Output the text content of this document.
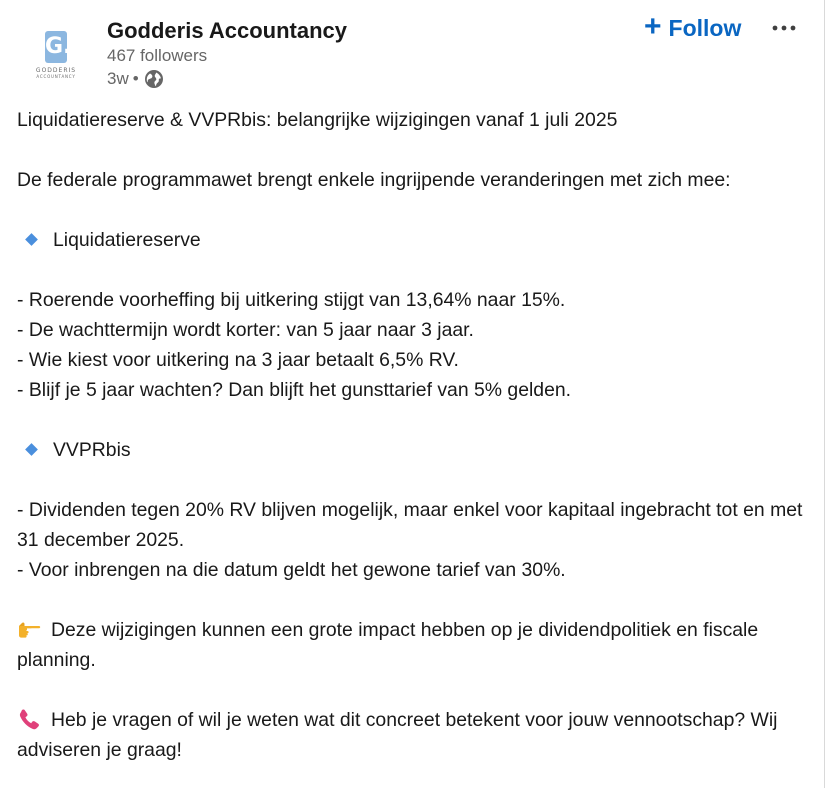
G.
GODDERIS
ACCOUNTANCY
Godderis Accountancy
467 followers
3w •
+ Follow
Liquidatiereserve & VVPRbis: belangrijke wijzigingen vanaf 1 juli 2025
De federale programmawet brengt enkele ingrijpende veranderingen met zich mee:
Liquidatiereserve
- Roerende voorheffing bij uitkering stijgt van 13,64% naar 15%.
- De wachttermijn wordt korter: van 5 jaar naar 3 jaar.
- Wie kiest voor uitkering na 3 jaar betaalt 6,5% RV.
- Blijf je 5 jaar wachten? Dan blijft het gunsttarief van 5% gelden.
VVPRbis
- Dividenden tegen 20% RV blijven mogelijk, maar enkel voor kapitaal ingebracht tot en met 31 december 2025.
- Voor inbrengen na die datum geldt het gewone tarief van 30%.
Deze wijzigingen kunnen een grote impact hebben op je dividendpolitiek en fiscale planning.
Heb je vragen of wil je weten wat dit concreet betekent voor jouw vennootschap? Wij adviseren je graag!
